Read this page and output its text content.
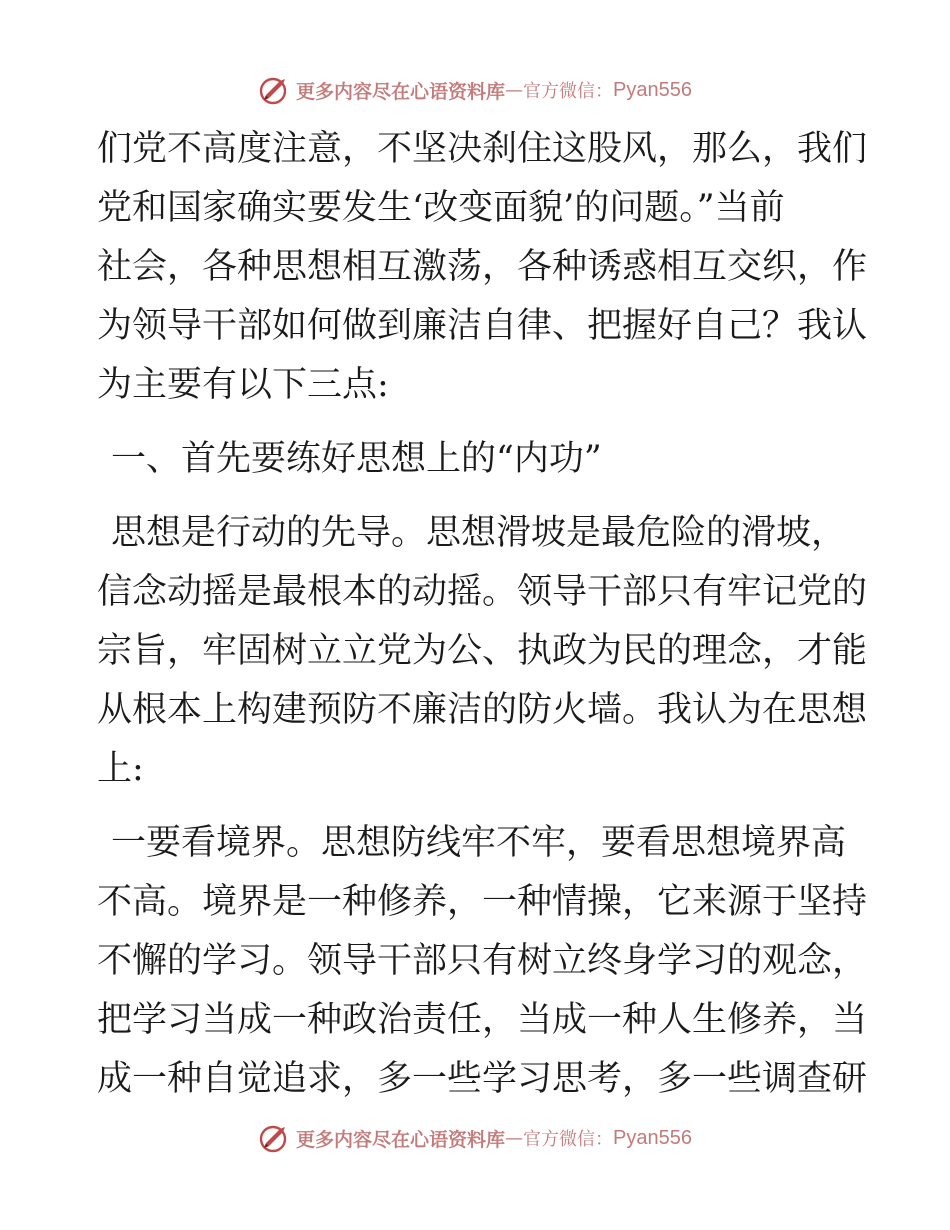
更多内容尽在心语资料库 — 官方微信： Pyan556
们党不高度注意，不坚决刹住这股风，那么，我们
党和国家确实要发生‘改变面貌’的问题。”当前
社会，各种思想相互激荡，各种诱惑相互交织，作
为领导干部如何做到廉洁自律、把握好自己？我认
为主要有以下三点:
一、首先要练好思想上的“内功”
思想是行动的先导。思想滑坡是最危险的滑坡，
信念动摇是最根本的动摇。领导干部只有牢记党的
宗旨，牢固树立立党为公、执政为民的理念，才能
从根本上构建预防不廉洁的防火墙。我认为在思想
上:
一要看境界。思想防线牢不牢，要看思想境界高
不高。境界是一种修养，一种情操，它来源于坚持
不懈的学习。领导干部只有树立终身学习的观念，
把学习当成一种政治责任，当成一种人生修养，当
成一种自觉追求，多一些学习思考，多一些调查研
更多内容尽在心语资料库 — 官方微信： Pyan556
